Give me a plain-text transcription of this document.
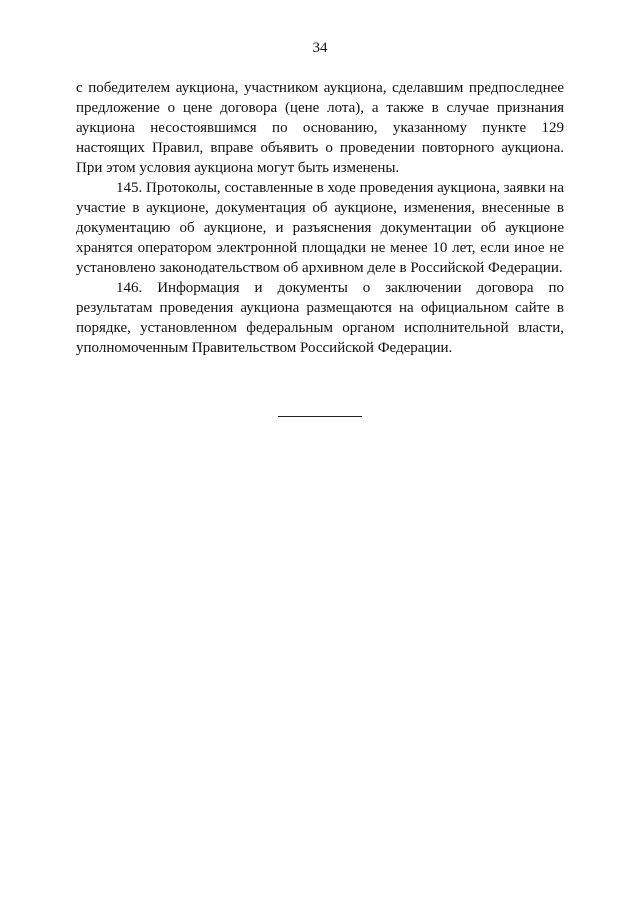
34

с победителем аукциона, участником аукциона, сделавшим предпоследнее предложение о цене договора (цене лота), а также в случае признания аукциона несостоявшимся по основанию, указанному пункте 129 настоящих Правил, вправе объявить о проведении повторного аукциона. При этом условия аукциона могут быть изменены.

145. Протоколы, составленные в ходе проведения аукциона, заявки на участие в аукционе, документация об аукционе, изменения, внесенные в документацию об аукционе, и разъяснения документации об аукционе хранятся оператором электронной площадки не менее 10 лет, если иное не установлено законодательством об архивном деле в Российской Федерации.

146. Информация и документы о заключении договора по результатам проведения аукциона размещаются на официальном сайте в порядке, установленном федеральным органом исполнительной власти, уполномоченным Правительством Российской Федерации.
